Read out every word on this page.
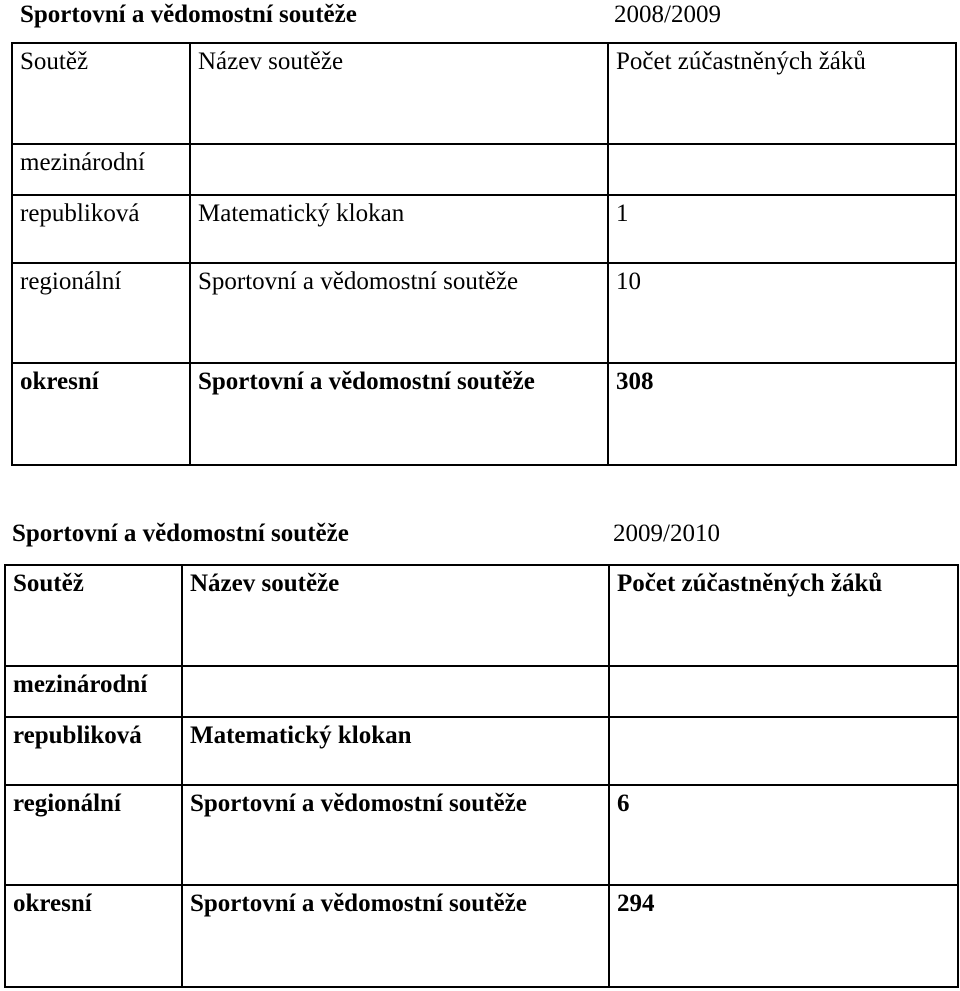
Sportovní a vědomostní soutěže	2008/2009
Soutěž	Název soutěže	Počet zúčastněných žáků
mezinárodní		
republiková	Matematický klokan	1
regionální	Sportovní a vědomostní soutěže	10
okresní	Sportovní a vědomostní soutěže	308
Sportovní a vědomostní soutěže	2009/2010
Soutěž	Název soutěže	Počet zúčastněných žáků
mezinárodní		
republiková	Matematický klokan	
regionální	Sportovní a vědomostní soutěže	6
okresní	Sportovní a vědomostní soutěže	294
